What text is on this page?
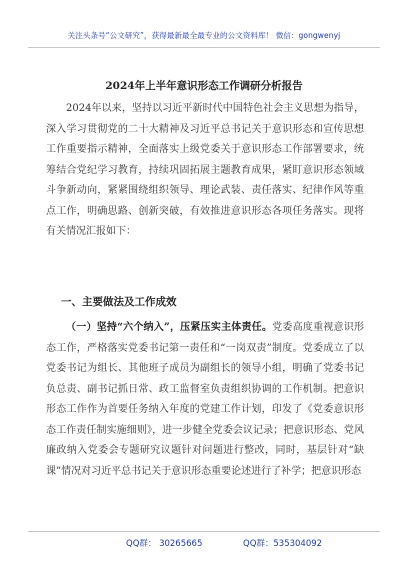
关注头条号“公文研究”，获得最新最全最专业的公文资料库！ 微信：gongwenyj
2024年上半年意识形态工作调研分析报告
2024年以来，坚持以习近平新时代中国特色社会主义思想为指导，深入学习贯彻党的二十大精神及习近平总书记关于意识形态和宣传思想工作重要指示精神，全面落实上级党委关于意识形态工作部署要求，统筹结合党纪学习教育，持续巩固拓展主题教育成果，紧盯意识形态领域斗争新动向，紧紧围绕组织领导、理论武装、责任落实、纪律作风等重点工作，明确思路、创新突破，有效推进意识形态各项任务落实。现将有关情况汇报如下：
一、主要做法及工作成效
（一）坚持“六个纳入”，压紧压实主体责任。党委高度重视意识形态工作，严格落实党委书记第一责任和“一岗双责”制度。党委成立了以党委书记为组长、其他班子成员为副组长的领导小组，明确了党委书记负总责、副书记抓日常、政工监督室负责组织协调的工作机制。把意识形态工作作为首要任务纳入年度的党建工作计划，印发了《党委意识形态工作责任制实施细则》，进一步健全党委会议记录；把意识形态、党风廉政纳入党委会专题研究议题针对问题进行整改，同时，基层针对“缺课”情况对习近平总书记关于意识形态重要论述进行了补学；把意识形态
QQ群： 30265665	QQ群：535304092
